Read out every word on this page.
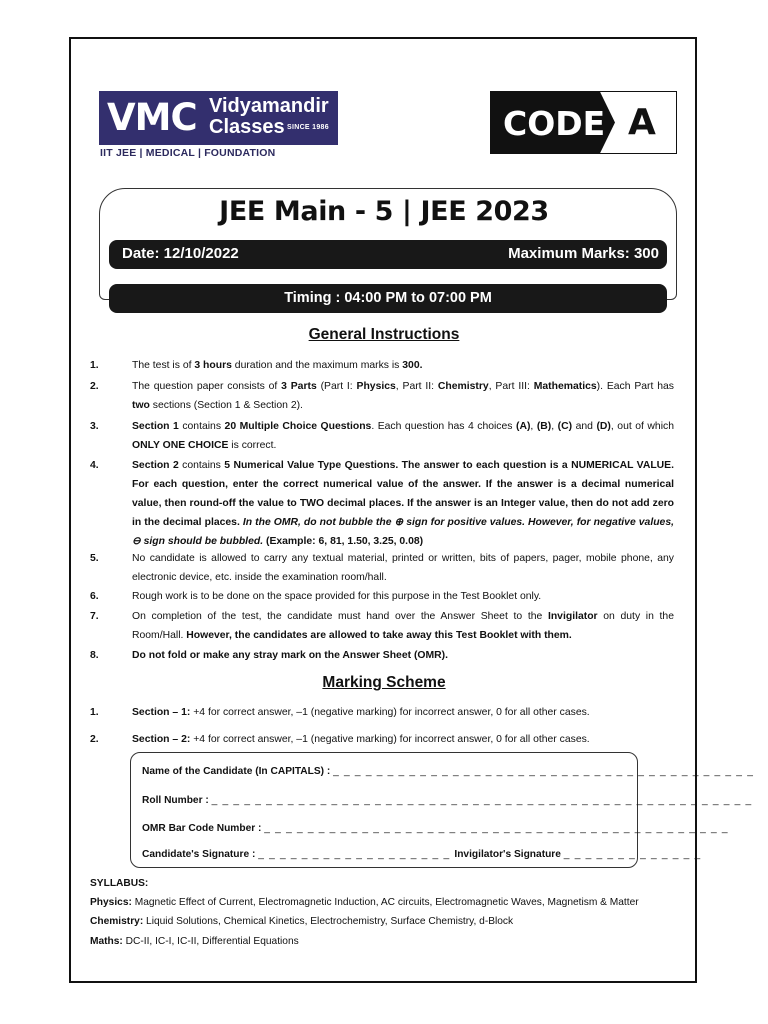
VMC Vidyamandir
Classes SINCE 1986
IIT JEE | MEDICAL | FOUNDATION
CODE A
JEE Main - 5 | JEE 2023
Date: 12/10/2022	Maximum Marks: 300
Timing : 04:00 PM to 07:00 PM
General Instructions
1.	The test is of 3 hours duration and the maximum marks is 300.
2.	The question paper consists of 3 Parts (Part I: Physics, Part II: Chemistry, Part III: Mathematics). Each Part has two sections (Section 1 & Section 2).
3.	Section 1 contains 20 Multiple Choice Questions. Each question has 4 choices (A), (B), (C) and (D), out of which ONLY ONE CHOICE is correct.
4.	Section 2 contains 5 Numerical Value Type Questions. The answer to each question is a NUMERICAL VALUE. For each question, enter the correct numerical value of the answer. If the answer is a decimal numerical value, then round-off the value to TWO decimal places. If the answer is an Integer value, then do not add zero in the decimal places. In the OMR, do not bubble the ⊕ sign for positive values. However, for negative values, ⊖ sign should be bubbled. (Example: 6, 81, 1.50, 3.25, 0.08)
5.	No candidate is allowed to carry any textual material, printed or written, bits of papers, pager, mobile phone, any electronic device, etc. inside the examination room/hall.
6.	Rough work is to be done on the space provided for this purpose in the Test Booklet only.
7.	On completion of the test, the candidate must hand over the Answer Sheet to the Invigilator on duty in the Room/Hall. However, the candidates are allowed to take away this Test Booklet with them.
8.	Do not fold or make any stray mark on the Answer Sheet (OMR).
Marking Scheme
1.	Section – 1: +4 for correct answer, –1 (negative marking) for incorrect answer, 0 for all other cases.
2.	Section – 2: +4 for correct answer, –1 (negative marking) for incorrect answer, 0 for all other cases.
Name of the Candidate (In CAPITALS) : _ _ _ _ _ _ _ _ _ _ _ _ _ _ _ _ _ _ _ _ _ _ _ _ _ _ _ _ _ _ _ _ _ _ _ _ _ _ _
Roll Number : _ _ _ _ _ _ _ _ _ _ _ _ _ _ _ _ _ _ _ _ _ _ _ _ _ _ _ _ _ _ _ _ _ _ _ _ _ _ _ _ _ _ _ _ _ _ _ _ _ _
OMR Bar Code Number : _ _ _ _ _ _ _ _ _ _ _ _ _ _ _ _ _ _ _ _ _ _ _ _ _ _ _ _ _ _ _ _ _ _ _ _ _ _ _ _ _ _ _
Candidate's Signature : _ _ _ _ _ _ _ _ _ _ _ _ _ _ _ _ _ _ Invigilator's Signature _ _ _ _ _ _ _ _ _ _ _ _ _
SYLLABUS:
Physics: Magnetic Effect of Current, Electromagnetic Induction, AC circuits, Electromagnetic Waves, Magnetism & Matter
Chemistry: Liquid Solutions, Chemical Kinetics, Electrochemistry, Surface Chemistry, d-Block
Maths: DC-II, IC-I, IC-II, Differential Equations
